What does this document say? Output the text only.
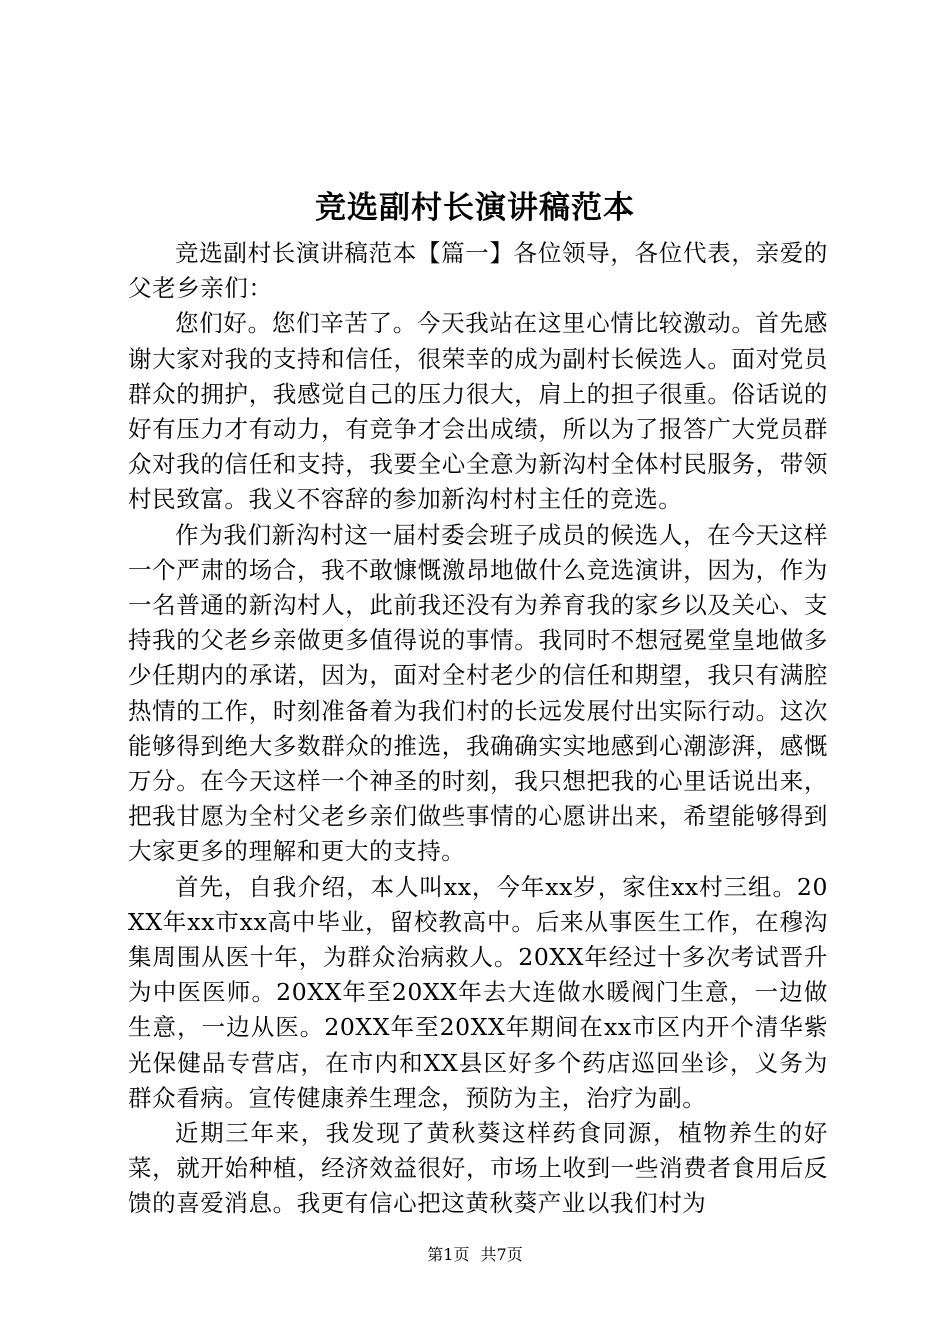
竞选副村长演讲稿范本

竞选副村长演讲稿范本【篇一】各位领导，各位代表，亲爱的父老乡亲们：

您们好。您们辛苦了。今天我站在这里心情比较激动。首先感谢大家对我的支持和信任，很荣幸的成为副村长候选人。面对党员群众的拥护，我感觉自己的压力很大，肩上的担子很重。俗话说的好有压力才有动力，有竞争才会出成绩，所以为了报答广大党员群众对我的信任和支持，我要全心全意为新沟村全体村民服务，带领村民致富。我义不容辞的参加新沟村村主任的竞选。

作为我们新沟村这一届村委会班子成员的候选人，在今天这样一个严肃的场合，我不敢慷慨激昂地做什么竞选演讲，因为，作为一名普通的新沟村人，此前我还没有为养育我的家乡以及关心、支持我的父老乡亲做更多值得说的事情。我同时不想冠冕堂皇地做多少任期内的承诺，因为，面对全村老少的信任和期望，我只有满腔热情的工作，时刻准备着为我们村的长远发展付出实际行动。这次能够得到绝大多数群众的推选，我确确实实地感到心潮澎湃，感慨万分。在今天这样一个神圣的时刻，我只想把我的心里话说出来，把我甘愿为全村父老乡亲们做些事情的心愿讲出来，希望能够得到大家更多的理解和更大的支持。

首先，自我介绍，本人叫xx，今年xx岁，家住xx村三组。20XX年xx市xx高中毕业，留校教高中。后来从事医生工作，在穆沟集周围从医十年，为群众治病救人。20XX年经过十多次考试晋升为中医医师。20XX年至20XX年去大连做水暖阀门生意，一边做生意，一边从医。20XX年至20XX年期间在xx市区内开个清华紫光保健品专营店，在市内和XX县区好多个药店巡回坐诊，义务为群众看病。宣传健康养生理念，预防为主，治疗为副。

近期三年来，我发现了黄秋葵这样药食同源，植物养生的好菜，就开始种植，经济效益很好，市场上收到一些消费者食用后反馈的喜爱消息。我更有信心把这黄秋葵产业以我们村为

第1页 共7页
